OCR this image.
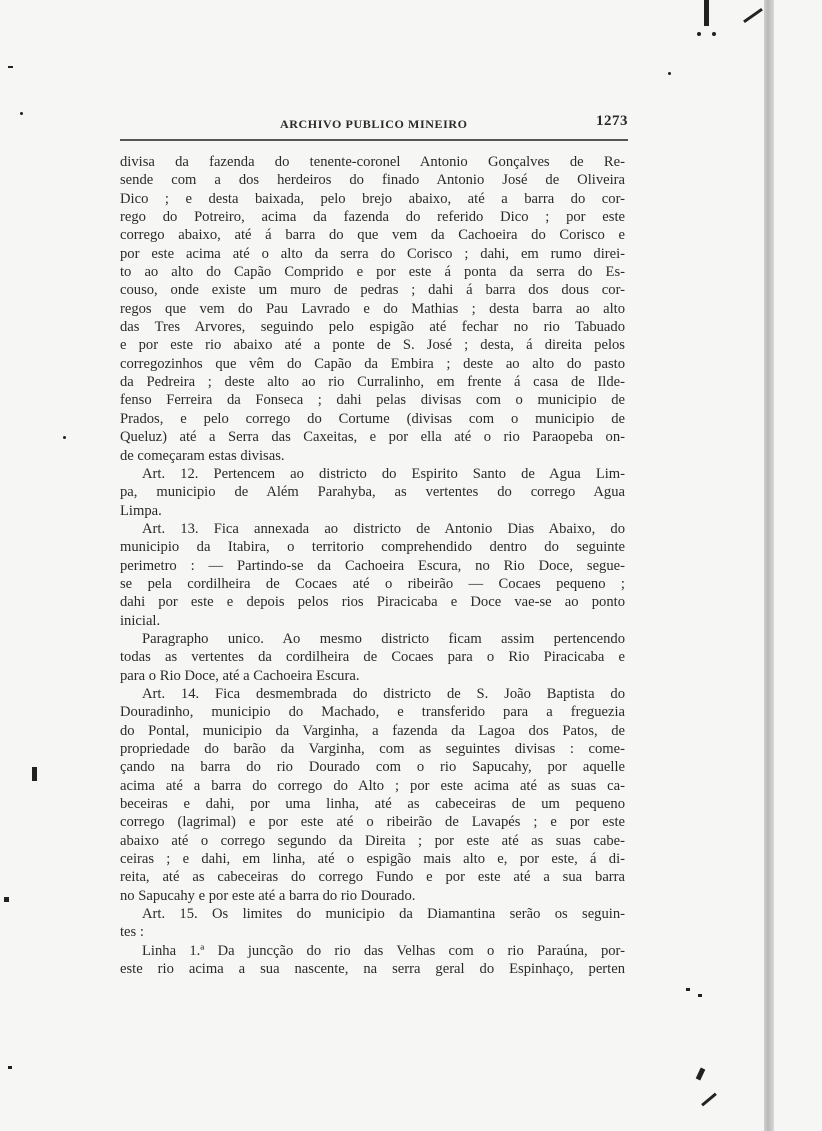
ARCHIVO PUBLICO MINEIRO	1273
divisa da fazenda do tenente-coronel Antonio Gonçalves de Re-
sende com a dos herdeiros do finado Antonio José de Oliveira
Dico ; e desta baixada, pelo brejo abaixo, até a barra do cor-
rego do Potreiro, acima da fazenda do referido Dico ; por este
corrego abaixo, até á barra do que vem da Cachoeira do Corisco e
por este acima até o alto da serra do Corisco ; dahi, em rumo direi-
to ao alto do Capão Comprido e por este á ponta da serra do Es-
couso, onde existe um muro de pedras ; dahi á barra dos dous cor-
regos que vem do Pau Lavrado e do Mathias ; desta barra ao alto
das Tres Arvores, seguindo pelo espigão até fechar no rio Tabuado
e por este rio abaixo até a ponte de S. José ; desta, á direita pelos
corregozinhos que vêm do Capão da Embira ; deste ao alto do pasto
da Pedreira ; deste alto ao rio Curralinho, em frente á casa de Ilde-
fenso Ferreira da Fonseca ; dahi pelas divisas com o municipio de
Prados, e pelo corrego do Cortume (divisas com o municipio de
Queluz) até a Serra das Caxeitas, e por ella até o rio Paraopeba on-
de começaram estas divisas.
Art. 12. Pertencem ao districto do Espirito Santo de Agua Lim-
pa, municipio de Além Parahyba, as vertentes do corrego Agua
Limpa.
Art. 13. Fica annexada ao districto de Antonio Dias Abaixo, do
municipio da Itabira, o territorio comprehendido dentro do seguinte
perimetro : — Partindo-se da Cachoeira Escura, no Rio Doce, segue-
se pela cordilheira de Cocaes até o ribeirão — Cocaes pequeno ;
dahi por este e depois pelos rios Piracicaba e Doce vae-se ao ponto
inicial.
Paragrapho unico. Ao mesmo districto ficam assim pertencendo
todas as vertentes da cordilheira de Cocaes para o Rio Piracicaba e
para o Rio Doce, até a Cachoeira Escura.
Art. 14. Fica desmembrada do districto de S. João Baptista do
Douradinho, municipio do Machado, e transferido para a freguezia
do Pontal, municipio da Varginha, a fazenda da Lagoa dos Patos, de
propriedade do barão da Varginha, com as seguintes divisas : come-
çando na barra do rio Dourado com o rio Sapucahy, por aquelle
acima até a barra do corrego do Alto ; por este acima até as suas ca-
beceiras e dahi, por uma linha, até as cabeceiras de um pequeno
corrego (lagrimal) e por este até o ribeirão de Lavapés ; e por este
abaixo até o corrego segundo da Direita ; por este até as suas cabe-
ceiras ; e dahi, em linha, até o espigão mais alto e, por este, á di-
reita, até as cabeceiras do corrego Fundo e por este até a sua barra
no Sapucahy e por este até a barra do rio Dourado.
Art. 15. Os limites do municipio da Diamantina serão os seguin-
tes :
Linha 1.ª Da juncção do rio das Velhas com o rio Paraúna, por-
este rio acima a sua nascente, na serra geral do Espinhaço, perten
